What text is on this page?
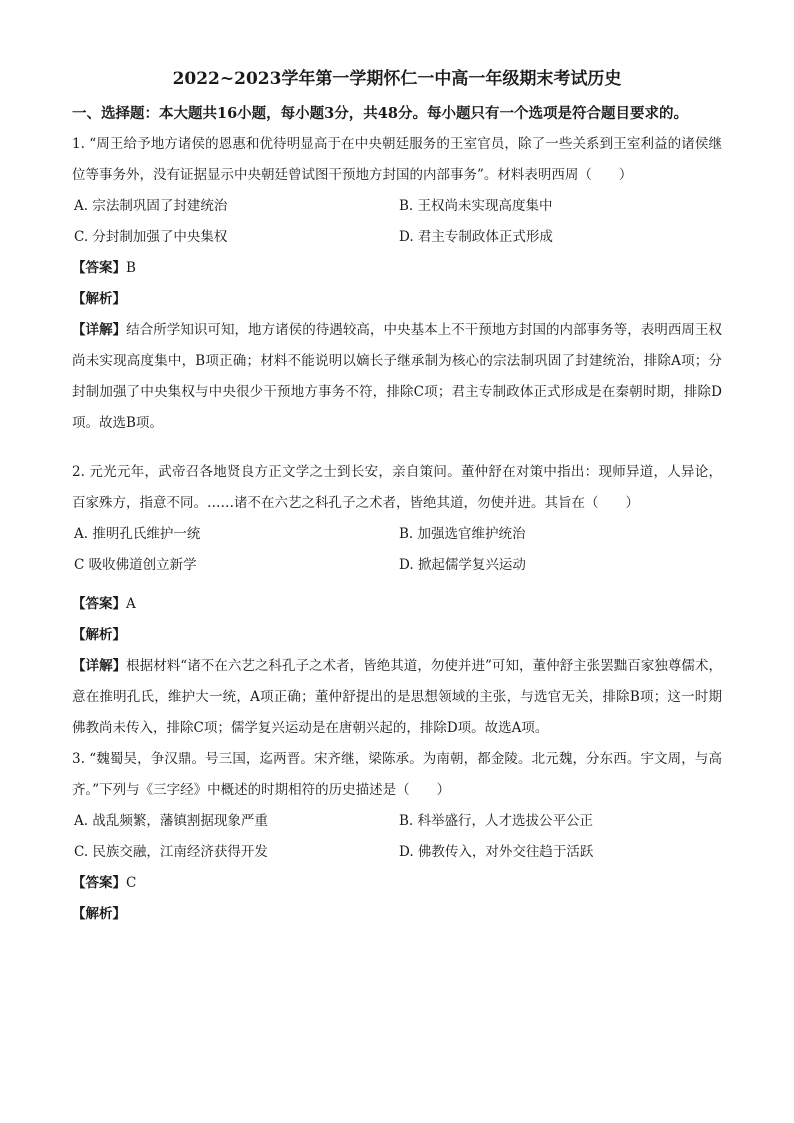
2022~2023学年第一学期怀仁一中高一年级期末考试历史
一、选择题：本大题共16小题，每小题3分，共48分。每小题只有一个选项是符合题目要求的。
1. “周王给予地方诸侯的恩惠和优待明显高于在中央朝廷服务的王室官员，除了一些关系到王室利益的诸侯继位等事务外，没有证据显示中央朝廷曾试图干预地方封国的内部事务”。材料表明西周（　　）
A. 宗法制巩固了封建统治	B. 王权尚未实现高度集中
C. 分封制加强了中央集权	D. 君主专制政体正式形成
【答案】B
【解析】
【详解】结合所学知识可知，地方诸侯的待遇较高，中央基本上不干预地方封国的内部事务等，表明西周王权尚未实现高度集中，B项正确；材料不能说明以嫡长子继承制为核心的宗法制巩固了封建统治，排除A项；分封制加强了中央集权与中央很少干预地方事务不符，排除C项；君主专制政体正式形成是在秦朝时期，排除D项。故选B项。
2. 元光元年，武帝召各地贤良方正文学之士到长安，亲自策问。董仲舒在对策中指出：现师异道，人异论，百家殊方，指意不同。……诸不在六艺之科孔子之术者，皆绝其道，勿使并进。其旨在（　　）
A. 推明孔氏维护一统	B. 加强选官维护统治
C 吸收佛道创立新学	D. 掀起儒学复兴运动
【答案】A
【解析】
【详解】根据材料“诸不在六艺之科孔子之术者，皆绝其道，勿使并进”可知，董仲舒主张罢黜百家独尊儒术，意在推明孔氏，维护大一统，A项正确；董仲舒提出的是思想领域的主张，与选官无关，排除B项；这一时期佛教尚未传入，排除C项；儒学复兴运动是在唐朝兴起的，排除D项。故选A项。
3. “魏蜀吴，争汉鼎。号三国，迄两晋。宋齐继，梁陈承。为南朝，都金陵。北元魏，分东西。宇文周，与高齐。”下列与《三字经》中概述的时期相符的历史描述是（　　）
A. 战乱频繁，藩镇割据现象严重	B. 科举盛行，人才选拔公平公正
C. 民族交融，江南经济获得开发	D. 佛教传入，对外交往趋于活跃
【答案】C
【解析】
